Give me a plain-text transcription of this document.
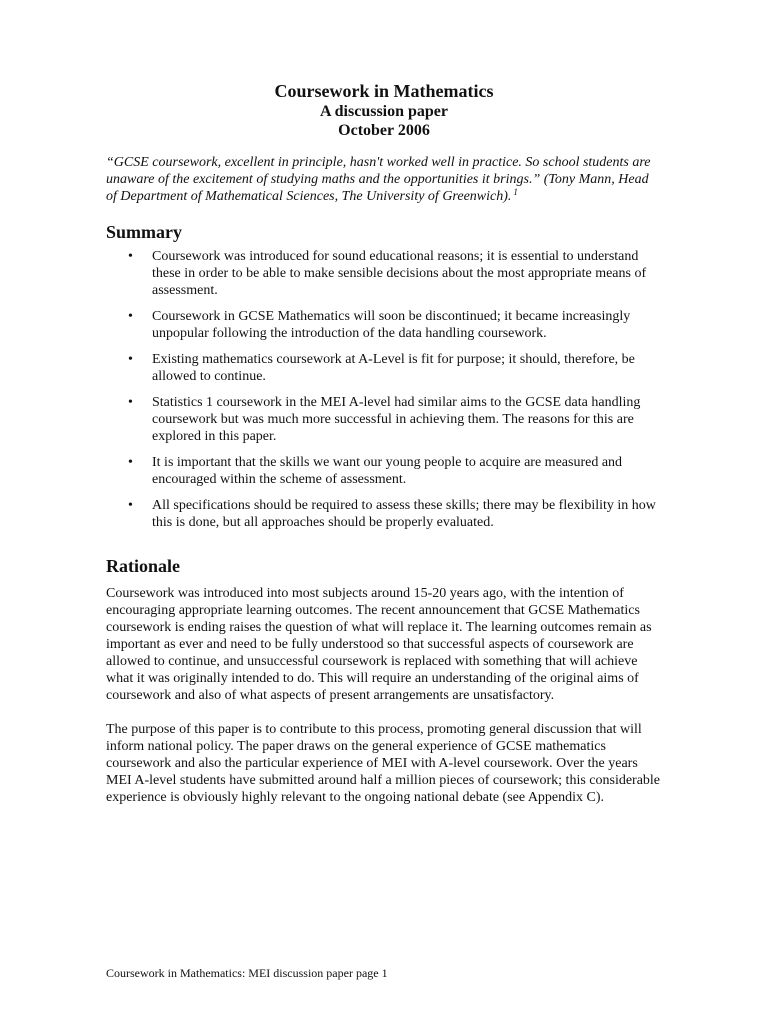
Coursework in Mathematics
A discussion paper
October 2006

“GCSE coursework, excellent in principle, hasn't worked well in practice. So school students are unaware of the excitement of studying maths and the opportunities it brings.” (Tony Mann, Head of Department of Mathematical Sciences, The University of Greenwich). $^1$

Summary
• Coursework was introduced for sound educational reasons; it is essential to understand these in order to be able to make sensible decisions about the most appropriate means of assessment.
• Coursework in GCSE Mathematics will soon be discontinued; it became increasingly unpopular following the introduction of the data handling coursework.
• Existing mathematics coursework at A-Level is fit for purpose; it should, therefore, be allowed to continue.
• Statistics 1 coursework in the MEI A-level had similar aims to the GCSE data handling coursework but was much more successful in achieving them. The reasons for this are explored in this paper.
• It is important that the skills we want our young people to acquire are measured and encouraged within the scheme of assessment.
• All specifications should be required to assess these skills; there may be flexibility in how this is done, but all approaches should be properly evaluated.
Rationale

Coursework was introduced into most subjects around 15-20 years ago, with the intention of encouraging appropriate learning outcomes. The recent announcement that GCSE Mathematics coursework is ending raises the question of what will replace it. The learning outcomes remain as important as ever and need to be fully understood so that successful aspects of coursework are allowed to continue, and unsuccessful coursework is replaced with something that will achieve what it was originally intended to do. This will require an understanding of the original aims of coursework and also of what aspects of present arrangements are unsatisfactory.

The purpose of this paper is to contribute to this process, promoting general discussion that will inform national policy. The paper draws on the general experience of GCSE mathematics coursework and also the particular experience of MEI with A-level coursework. Over the years MEI A-level students have submitted around half a million pieces of coursework; this considerable experience is obviously highly relevant to the ongoing national debate (see Appendix C).

Coursework in Mathematics: MEI discussion paper page 1
